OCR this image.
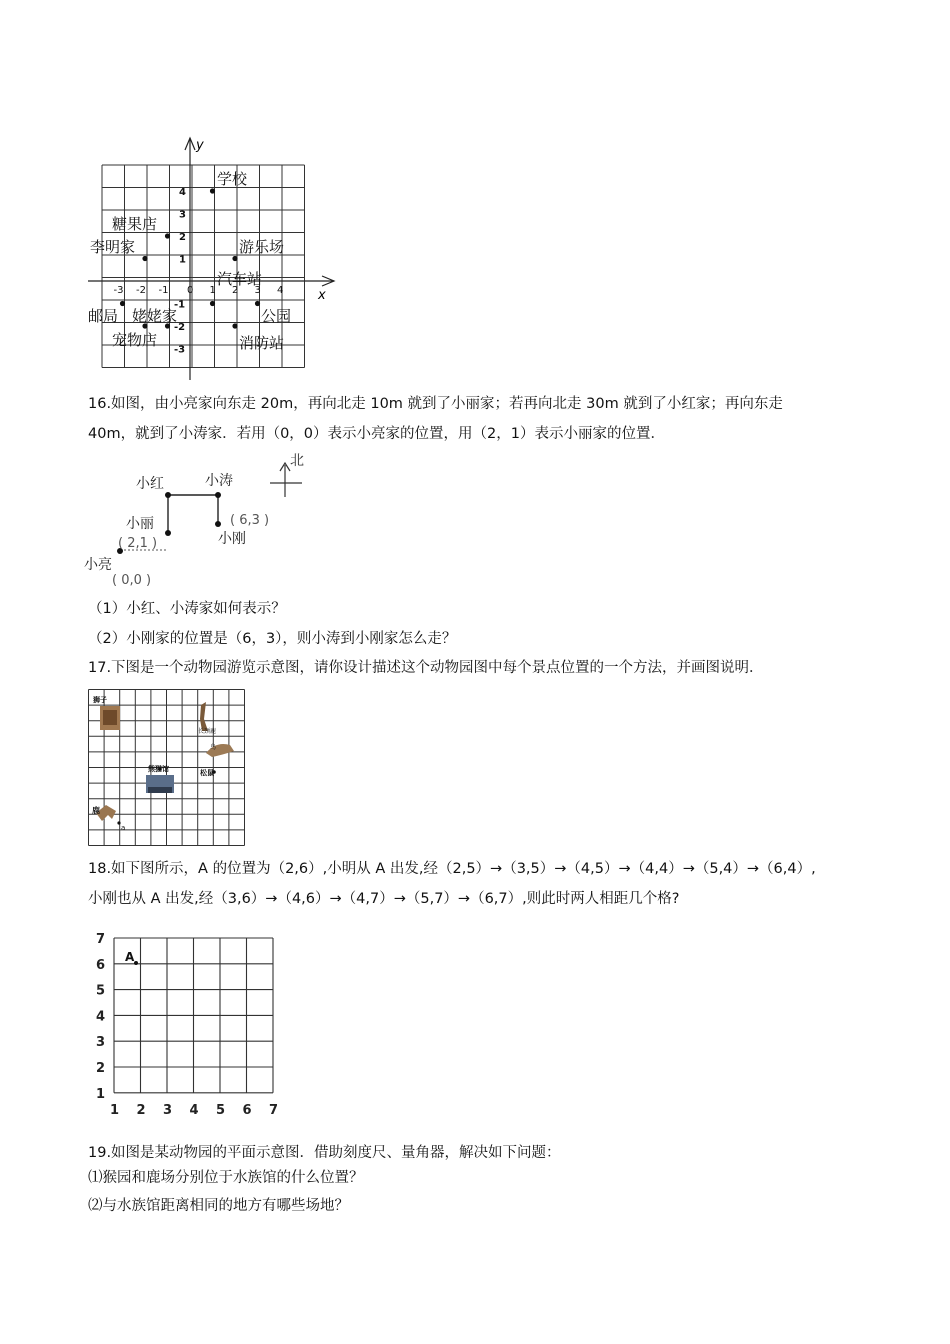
x
y
-3 -2 -1 0 1 2 3 4
1
2
3
4
-1
-2
-3
学校
糖果店
李明家	游乐场
汽车站
邮局 姥姥家	公园
宠物店	消防站
16.如图，由小亮家向东走 20m，再向北走 10m 就到了小丽家；若再向北走 30m 就到了小红家；再向东走
40m，就到了小涛家．若用（0，0）表示小亮家的位置，用（2，1）表示小丽家的位置．
北
小红	小涛
小丽
( 2,1 )
( 6,3 )
小刚
小亮
( 0,0 )
（1）小红、小涛家如何表示？
（2）小刚家的位置是（6，3），则小涛到小刚家怎么走？
17.下图是一个动物园游览示意图，请你设计描述这个动物园图中每个景点位置的一个方法，并画图说明．
狮子
长颈鹿
鸟
松鼠
熊猫馆
鹿
a
18.如下图所示，A 的位置为（2,6）,小明从 A 出发,经（2,5）→（3,5）→（4,5）→（4,4）→（5,4）→（6,4）,
小刚也从 A 出发,经（3,6）→（4,6）→（4,7）→（5,7）→（6,7）,则此时两人相距几个格?
1 2 3 4 5 6 7
1
2
3
4
5
6
7
A
19.如图是某动物园的平面示意图．借助刻度尺、量角器，解决如下问题：
⑴猴园和鹿场分别位于水族馆的什么位置？
⑵与水族馆距离相同的地方有哪些场地？
